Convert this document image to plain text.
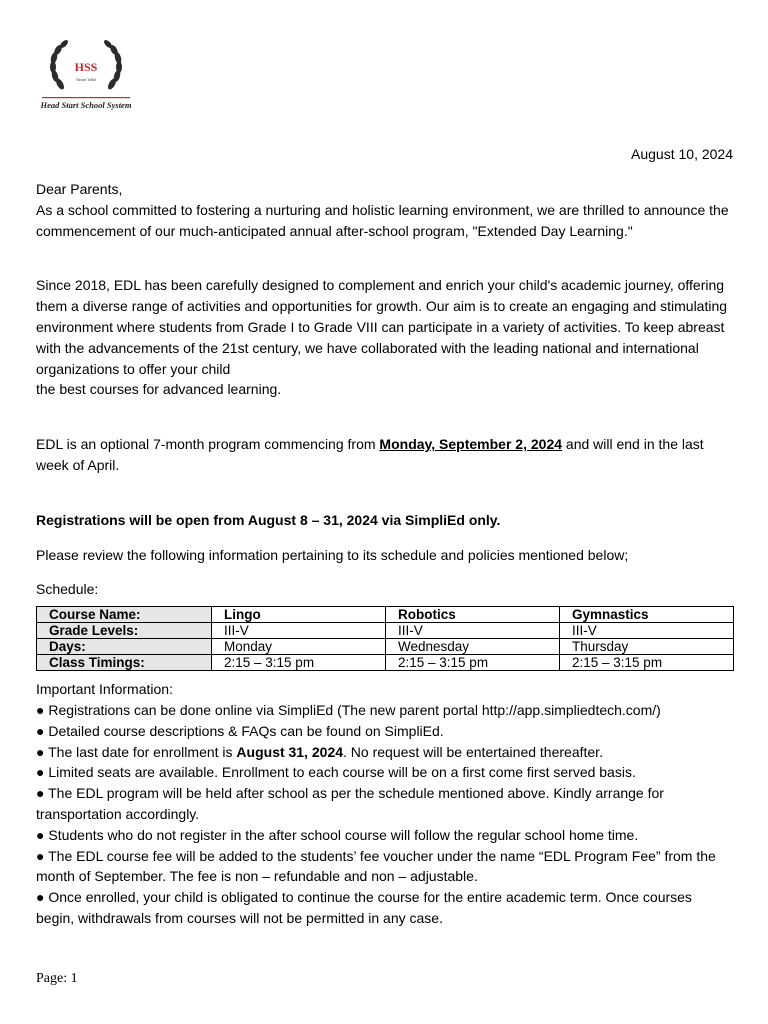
HSS
Since 1960
Head Start School System
August 10, 2024

Dear Parents,

As a school committed to fostering a nurturing and holistic learning environment, we are thrilled to announce the commencement of our much-anticipated annual after-school program, "Extended Day Learning."

Since 2018, EDL has been carefully designed to complement and enrich your child's academic journey, offering them a diverse range of activities and opportunities for growth. Our aim is to create an engaging and stimulating environment where students from Grade I to Grade VIII can participate in a variety of activities. To keep abreast with the advancements of the 21st century, we have collaborated with the leading national and international organizations to offer your child
the best courses for advanced learning.

EDL is an optional 7-month program commencing from Monday, September 2, 2024 and will end in the last week of April.

Registrations will be open from August 8 – 31, 2024 via SimpliEd only.

Please review the following information pertaining to its schedule and policies mentioned below;

Schedule:

Course Name:	Lingo	Robotics	Gymnastics
Grade Levels:	III-V	III-V	III-V
Days:	Monday	Wednesday	Thursday
Class Timings:	2:15 – 3:15 pm	2:15 – 3:15 pm	2:15 – 3:15 pm

Important Information:

● Registrations can be done online via SimpliEd (The new parent portal http://app.simpliedtech.com/)

● Detailed course descriptions & FAQs can be found on SimpliEd.

● The last date for enrollment is August 31, 2024. No request will be entertained thereafter.

● Limited seats are available. Enrollment to each course will be on a first come first served basis.

● The EDL program will be held after school as per the schedule mentioned above. Kindly arrange for transportation accordingly.

● Students who do not register in the after school course will follow the regular school home time.

● The EDL course fee will be added to the students’ fee voucher under the name “EDL Program Fee” from the month of September. The fee is non – refundable and non – adjustable.

● Once enrolled, your child is obligated to continue the course for the entire academic term. Once courses begin, withdrawals from courses will not be permitted in any case.

Page: 1
